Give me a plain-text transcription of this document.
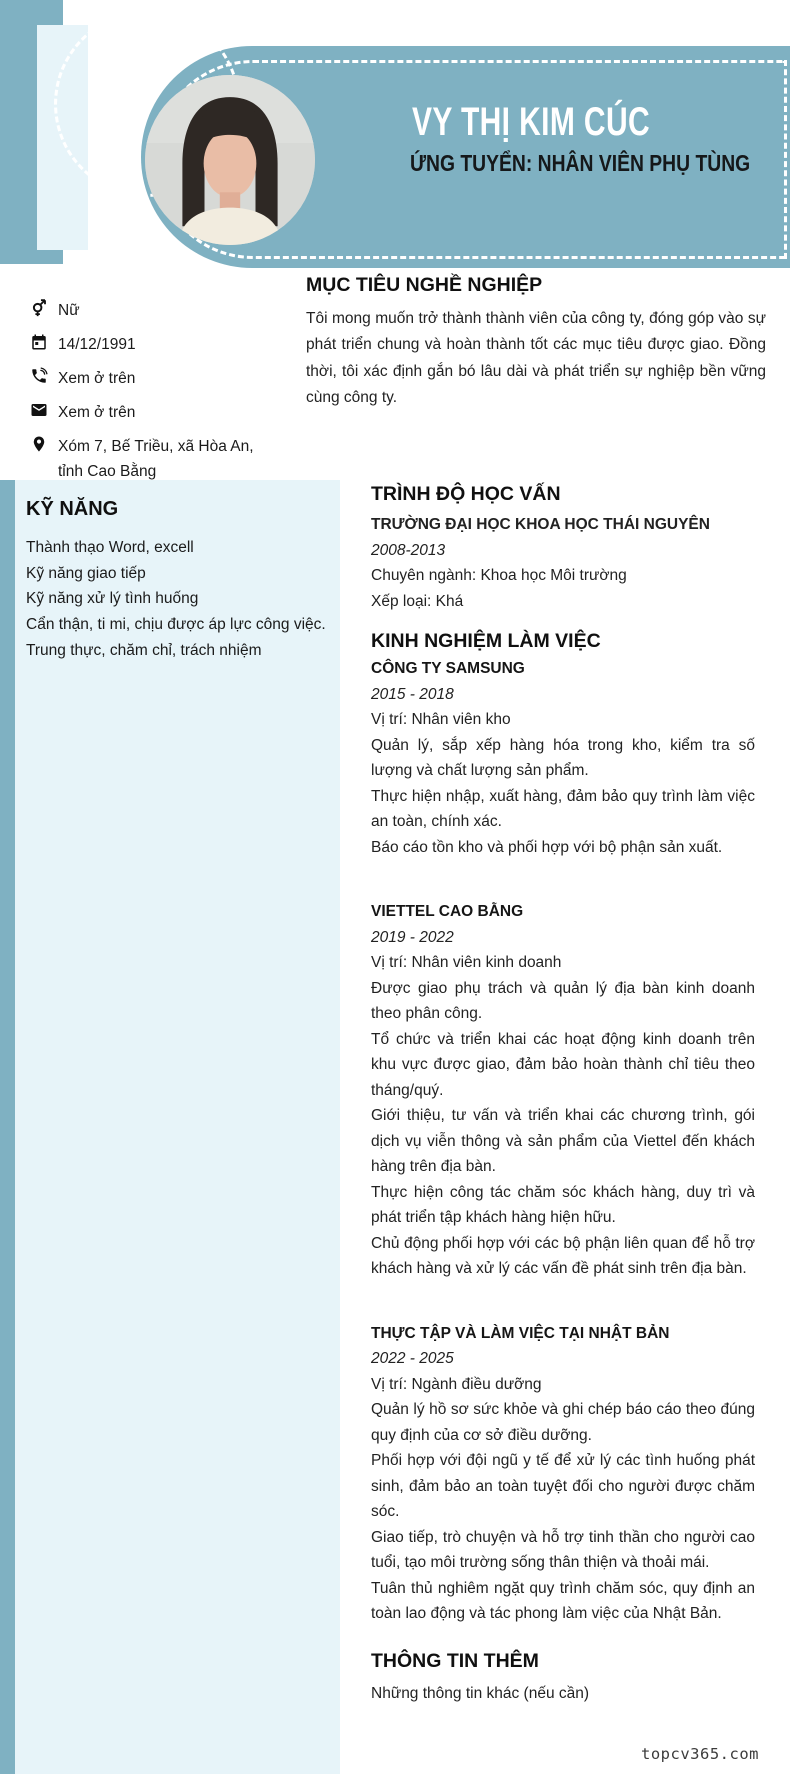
VY THỊ KIM CÚC
ỨNG TUYỂN: NHÂN VIÊN PHỤ TÙNG
Nữ
14/12/1991
Xem ở trên
Xem ở trên
Xóm 7, Bế Triều, xã Hòa An, tỉnh Cao Bằng
KỸ NĂNG
Thành thạo Word, excell
Kỹ năng giao tiếp
Kỹ năng xử lý tình huống
Cẩn thận, ti mi, chịu được áp lực công việc.
Trung thực, chăm chỉ, trách nhiệm
MỤC TIÊU NGHỀ NGHIỆP

Tôi mong muốn trở thành thành viên của công ty, đóng góp vào sự phát triển chung và hoàn thành tốt các mục tiêu được giao. Đồng thời, tôi xác định gắn bó lâu dài và phát triển sự nghiệp bền vững cùng công ty.

TRÌNH ĐỘ HỌC VẤN
TRƯỜNG ĐẠI HỌC KHOA HỌC THÁI NGUYÊN
2008-2013
Chuyên ngành: Khoa học Môi trường
Xếp loại: Khá
KINH NGHIỆM LÀM VIỆC
CÔNG TY SAMSUNG
2015 - 2018
Vị trí: Nhân viên kho

Quản lý, sắp xếp hàng hóa trong kho, kiểm tra số lượng và chất lượng sản phẩm.

Thực hiện nhập, xuất hàng, đảm bảo quy trình làm việc an toàn, chính xác.

Báo cáo tồn kho và phối hợp với bộ phận sản xuất.

VIETTEL CAO BẰNG
2019 - 2022
Vị trí: Nhân viên kinh doanh

Được giao phụ trách và quản lý địa bàn kinh doanh theo phân công.

Tổ chức và triển khai các hoạt động kinh doanh trên khu vực được giao, đảm bảo hoàn thành chỉ tiêu theo tháng/quý.

Giới thiệu, tư vấn và triển khai các chương trình, gói dịch vụ viễn thông và sản phẩm của Viettel đến khách hàng trên địa bàn.

Thực hiện công tác chăm sóc khách hàng, duy trì và phát triển tập khách hàng hiện hữu.

Chủ động phối hợp với các bộ phận liên quan để hỗ trợ khách hàng và xử lý các vấn đề phát sinh trên địa bàn.

THỰC TẬP VÀ LÀM VIỆC TẠI NHẬT BẢN
2022 - 2025
Vị trí: Ngành điều dưỡng

Quản lý hồ sơ sức khỏe và ghi chép báo cáo theo đúng quy định của cơ sở điều dưỡng.

Phối hợp với đội ngũ y tế để xử lý các tình huống phát sinh, đảm bảo an toàn tuyệt đối cho người được chăm sóc.

Giao tiếp, trò chuyện và hỗ trợ tinh thần cho người cao tuổi, tạo môi trường sống thân thiện và thoải mái.

Tuân thủ nghiêm ngặt quy trình chăm sóc, quy định an toàn lao động và tác phong làm việc của Nhật Bản.

THÔNG TIN THÊM

Những thông tin khác (nếu cần)

topcv365.com
